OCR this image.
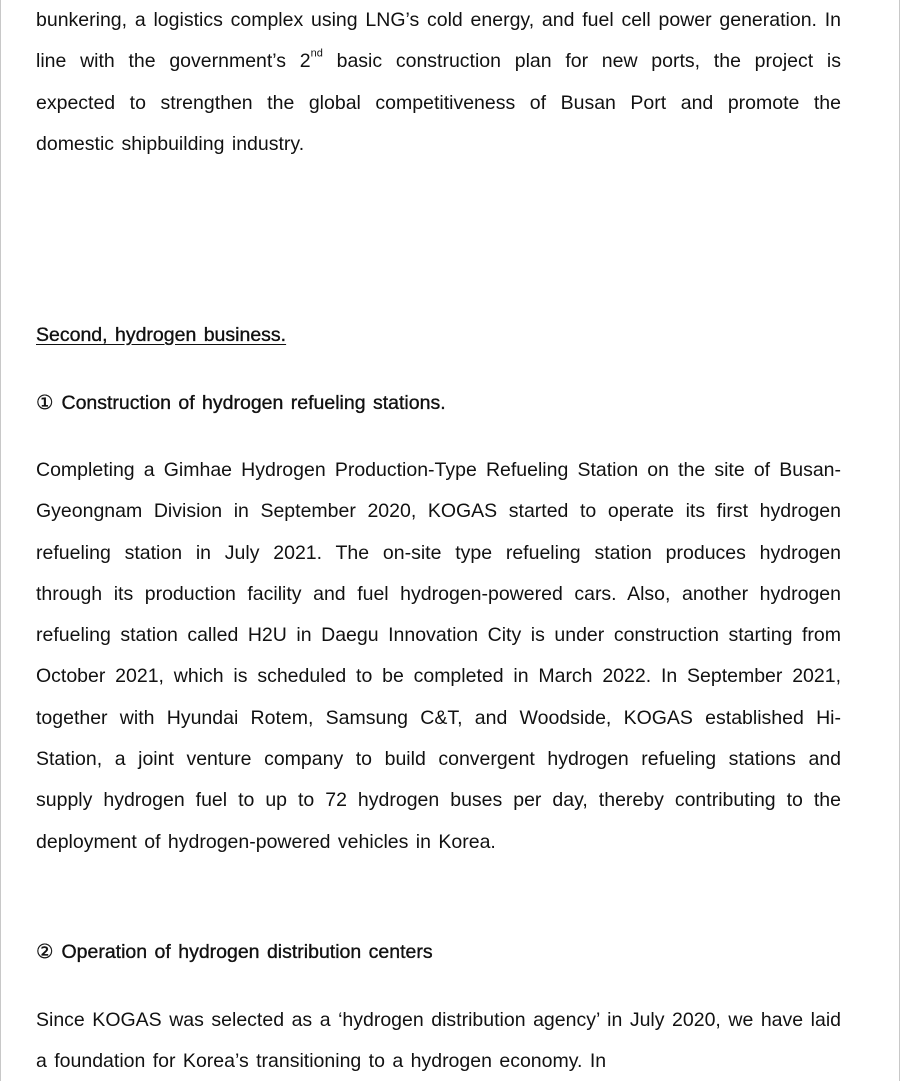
bunkering, a logistics complex using LNG’s cold energy, and fuel cell power generation. In line with the government’s 2nd basic construction plan for new ports, the project is expected to strengthen the global competitiveness of Busan Port and promote the domestic shipbuilding industry.

Second, hydrogen business.
① Construction of hydrogen refueling stations.

Completing a Gimhae Hydrogen Production-Type Refueling Station on the site of Busan-Gyeongnam Division in September 2020, KOGAS started to operate its first hydrogen refueling station in July 2021. The on-site type refueling station produces hydrogen through its production facility and fuel hydrogen-powered cars. Also, another hydrogen refueling station called H2U in Daegu Innovation City is under construction starting from October 2021, which is scheduled to be completed in March 2022. In September 2021, together with Hyundai Rotem, Samsung C&T, and Woodside, KOGAS established Hi-Station, a joint venture company to build convergent hydrogen refueling stations and supply hydrogen fuel to up to 72 hydrogen buses per day, thereby contributing to the deployment of hydrogen-powered vehicles in Korea.

② Operation of hydrogen distribution centers

Since KOGAS was selected as a ‘hydrogen distribution agency’ in July 2020, we have laid a foundation for Korea’s transitioning to a hydrogen economy. In
